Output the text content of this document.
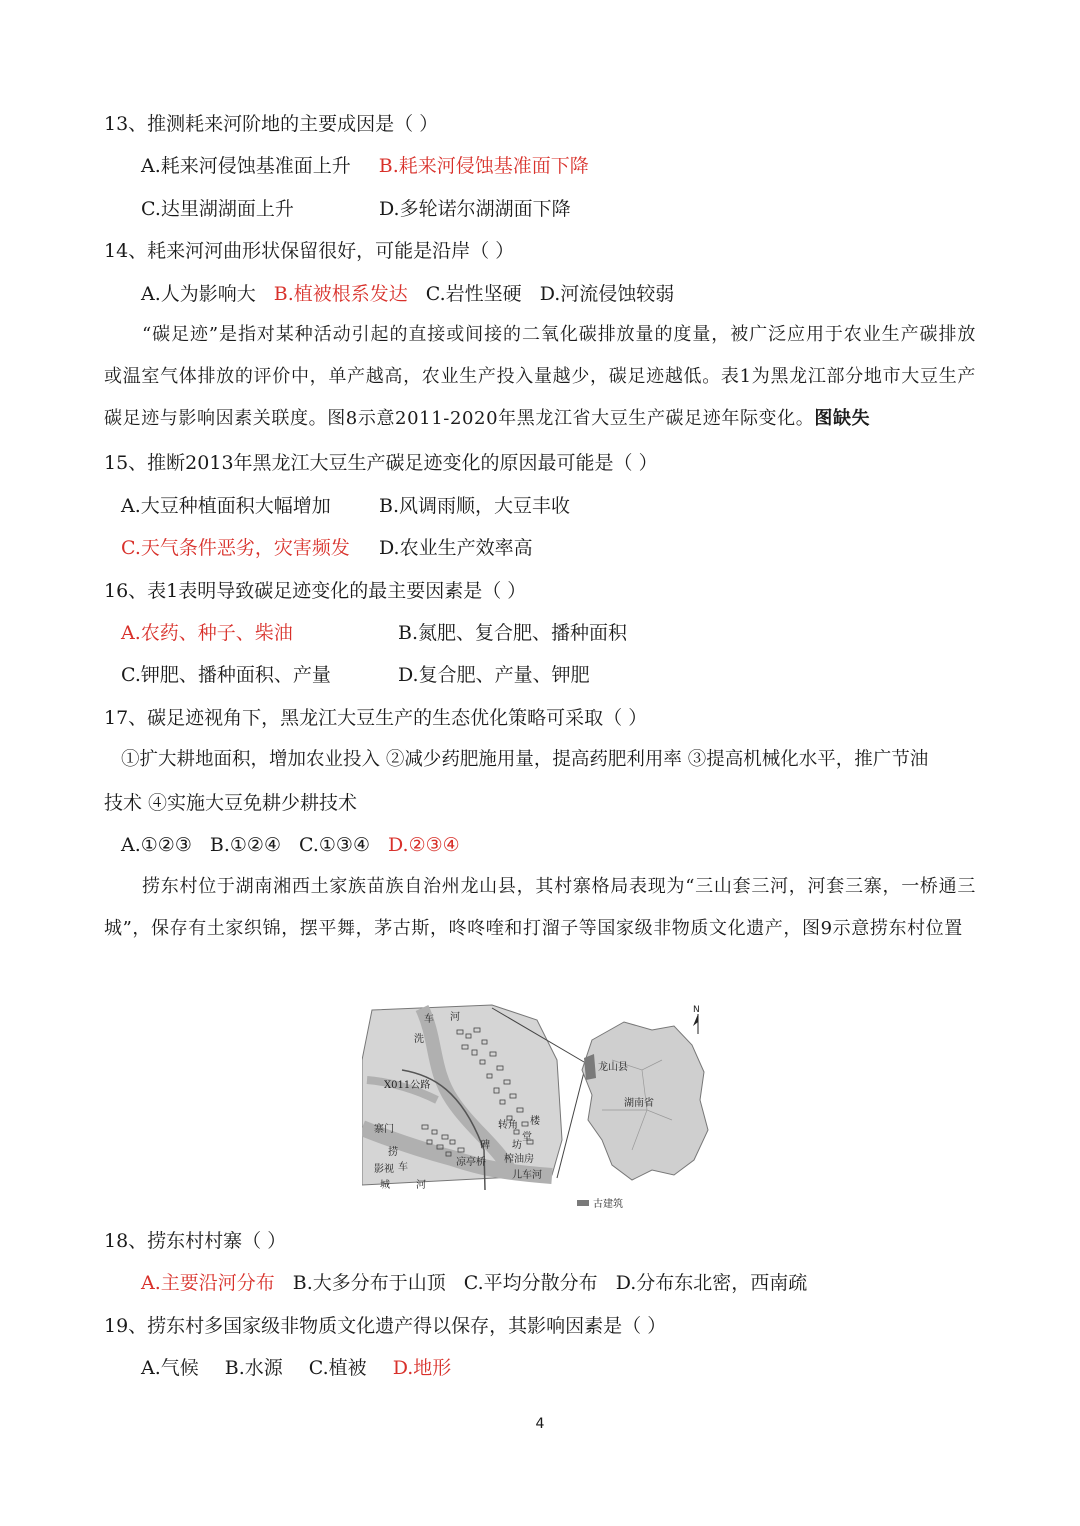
13、推测耗来河阶地的主要成因是（ ）
A.耗来河侵蚀基准面上升 B.耗来河侵蚀基准面下降
C.达里湖湖面上升	D.多轮诺尔湖湖面下降
14、耗来河河曲形状保留很好，可能是沿岸（ ）
A.人为影响大 B.植被根系发达 C.岩性坚硬 D.河流侵蚀较弱
“碳足迹”是指对某种活动引起的直接或间接的二氧化碳排放量的度量，被广泛应用于农业生产碳排放或温室气体排放的评价中，单产越高，农业生产投入量越少，碳足迹越低。表1为黑龙江部分地市大豆生产碳足迹与影响因素关联度。图8示意2011-2020年黑龙江省大豆生产碳足迹年际变化。图缺失
15、推断2013年黑龙江大豆生产碳足迹变化的原因最可能是（ ）
A.大豆种植面积大幅增加	B.风调雨顺，大豆丰收
C.天气条件恶劣，灾害频发 D.农业生产效率高
16、表1表明导致碳足迹变化的最主要因素是（ ）
A.农药、种子、柴油	B.氮肥、复合肥、播种面积
C.钾肥、播种面积、产量	D.复合肥、产量、钾肥
17、碳足迹视角下，黑龙江大豆生产的生态优化策略可采取（ ）
①扩大耕地面积，增加农业投入 ②减少药肥施用量，提高药肥利用率 ③提高机械化水平，推广节油
技术 ④实施大豆免耕少耕技术
A.①②③ B.①②④ C.①③④ D.②③④
捞东村位于湖南湘西土家族苗族自治州龙山县，其村寨格局表现为“三山套三河，河套三寨，一桥通三城”，保存有土家织锦，摆平舞，茅古斯，咚咚喹和打溜子等国家级非物质文化遗产，图9示意捞东村位置
车 河
洗
X011公路
寨门
捞
车
影视
城	河
碑
楼
转角
堂
坊
凉亭桥 榨油房
儿车河
龙山县
湖南省
N
古建筑
18、捞东村村寨（ ）
A.主要沿河分布 B.大多分布于山顶 C.平均分散分布 D.分布东北密，西南疏
19、捞东村多国家级非物质文化遗产得以保存，其影响因素是（ ）
A.气候 B.水源 C.植被 D.地形
4
